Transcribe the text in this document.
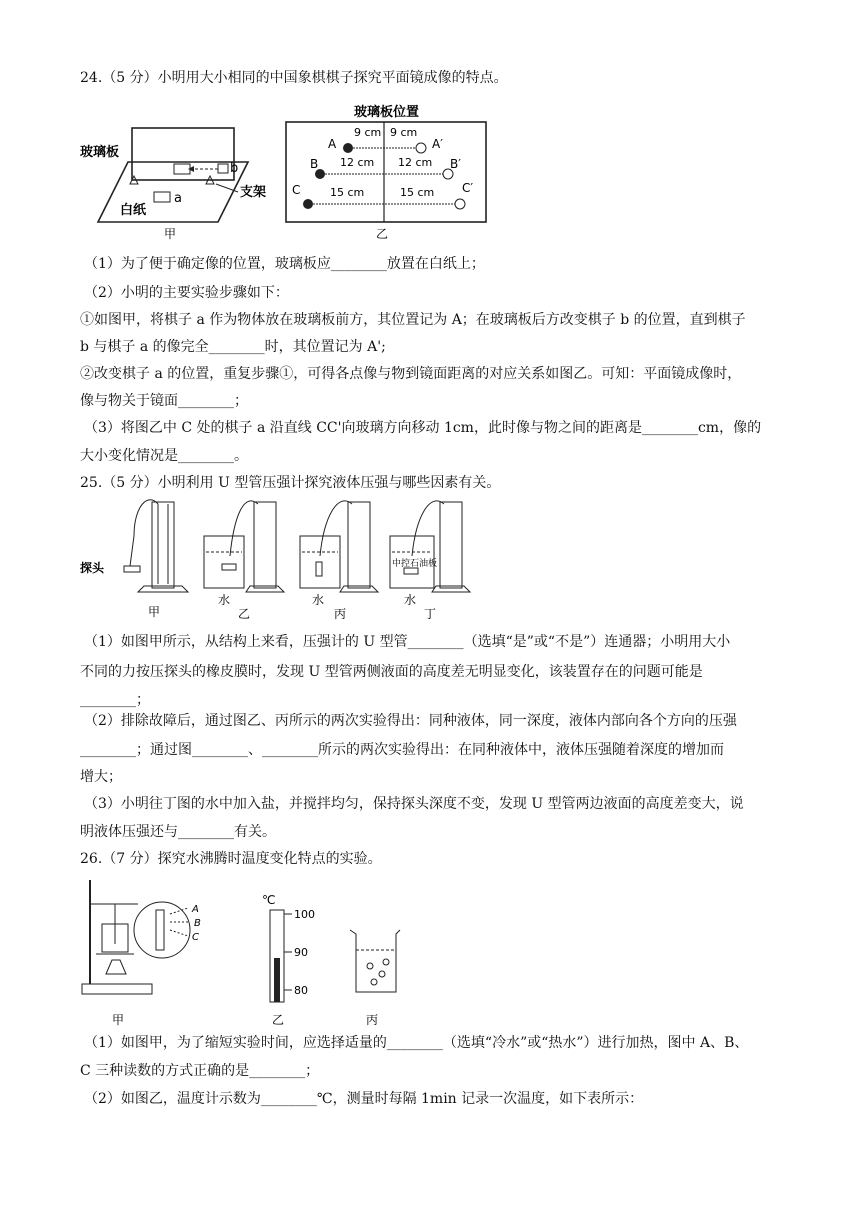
24.（5 分）小明用大小相同的中国象棋棋子探究平面镜成像的特点。
玻璃板
b
支架
白纸
a
甲
玻璃板位置
A	A′
9 cm 9 cm
B	B′
12 cm 12 cm
C	C′
15 cm	15 cm
乙
（1）为了便于确定像的位置，玻璃板应________放置在白纸上；
（2）小明的主要实验步骤如下：
①如图甲，将棋子 a 作为物体放在玻璃板前方，其位置记为 A；在玻璃板后方改变棋子 b 的位置，直到棋子
b 与棋子 a 的像完全________时，其位置记为 A';
②改变棋子 a 的位置，重复步骤①，可得各点像与物到镜面距离的对应关系如图乙。可知：平面镜成像时，
像与物关于镜面________；
（3）将图乙中 C 处的棋子 a 沿直线 CC'向玻璃方向移动 1cm，此时像与物之间的距离是________cm，像的
大小变化情况是________。
25.（5 分）小明利用 U 型管压强计探究液体压强与哪些因素有关。
探头
甲
水
乙
水
丙
中控石油板
水
丁
（1）如图甲所示，从结构上来看，压强计的 U 型管________（选填“是”或“不是”）连通器；小明用大小
不同的力按压探头的橡皮膜时，发现 U 型管两侧液面的高度差无明显变化，该装置存在的问题可能是
________；
（2）排除故障后，通过图乙、丙所示的两次实验得出：同种液体，同一深度，液体内部向各个方向的压强
________；通过图________、________所示的两次实验得出：在同种液体中，液体压强随着深度的增加而
增大；
（3）小明往丁图的水中加入盐，并搅拌均匀，保持探头深度不变，发现 U 型管两边液面的高度差变大，说
明液体压强还与________有关。
26.（7 分）探究水沸腾时温度变化特点的实验。
A
B
C
甲
℃
100
90
80
乙	丙
（1）如图甲，为了缩短实验时间，应选择适量的________（选填“冷水”或“热水”）进行加热，图中 A、B、
C 三种读数的方式正确的是________；
（2）如图乙，温度计示数为________℃，测量时每隔 1min 记录一次温度，如下表所示：
